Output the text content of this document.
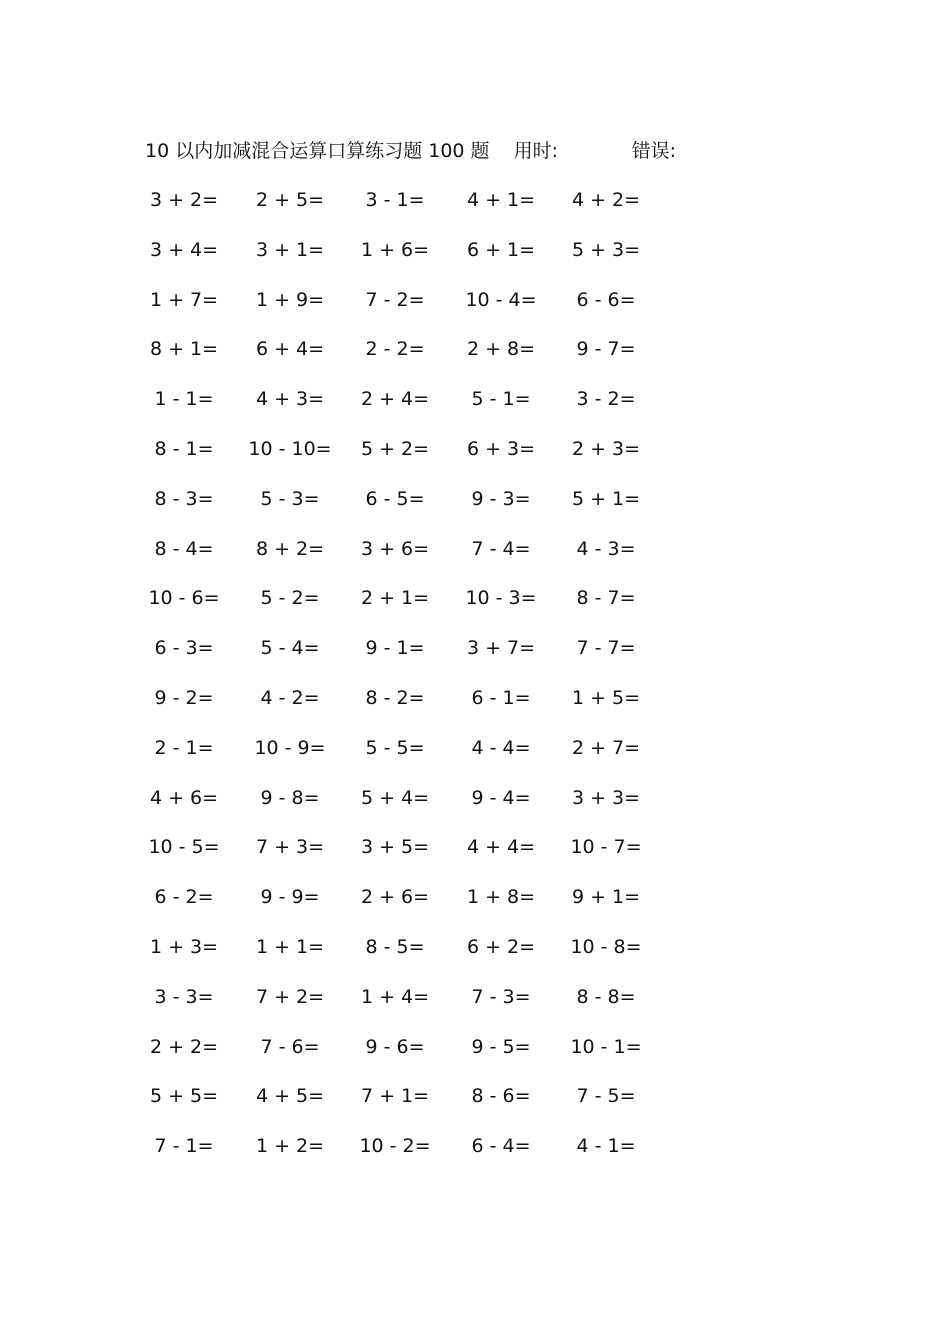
10 以内加减混合运算口算练习题 100 题 用时:	错误:
3 + 2=	2 + 5=	3 - 1=	4 + 1=	4 + 2=
3 + 4=	3 + 1=	1 + 6=	6 + 1=	5 + 3=
1 + 7=	1 + 9=	7 - 2=	10 - 4=	6 - 6=
8 + 1=	6 + 4=	2 - 2=	2 + 8=	9 - 7=
1 - 1=	4 + 3=	2 + 4=	5 - 1=	3 - 2=
8 - 1=	10 - 10=	5 + 2=	6 + 3=	2 + 3=
8 - 3=	5 - 3=	6 - 5=	9 - 3=	5 + 1=
8 - 4=	8 + 2=	3 + 6=	7 - 4=	4 - 3=
10 - 6=	5 - 2=	2 + 1=	10 - 3=	8 - 7=
6 - 3=	5 - 4=	9 - 1=	3 + 7=	7 - 7=
9 - 2=	4 - 2=	8 - 2=	6 - 1=	1 + 5=
2 - 1=	10 - 9=	5 - 5=	4 - 4=	2 + 7=
4 + 6=	9 - 8=	5 + 4=	9 - 4=	3 + 3=
10 - 5=	7 + 3=	3 + 5=	4 + 4=	10 - 7=
6 - 2=	9 - 9=	2 + 6=	1 + 8=	9 + 1=
1 + 3=	1 + 1=	8 - 5=	6 + 2=	10 - 8=
3 - 3=	7 + 2=	1 + 4=	7 - 3=	8 - 8=
2 + 2=	7 - 6=	9 - 6=	9 - 5=	10 - 1=
5 + 5=	4 + 5=	7 + 1=	8 - 6=	7 - 5=
7 - 1=	1 + 2=	10 - 2=	6 - 4=	4 - 1=
